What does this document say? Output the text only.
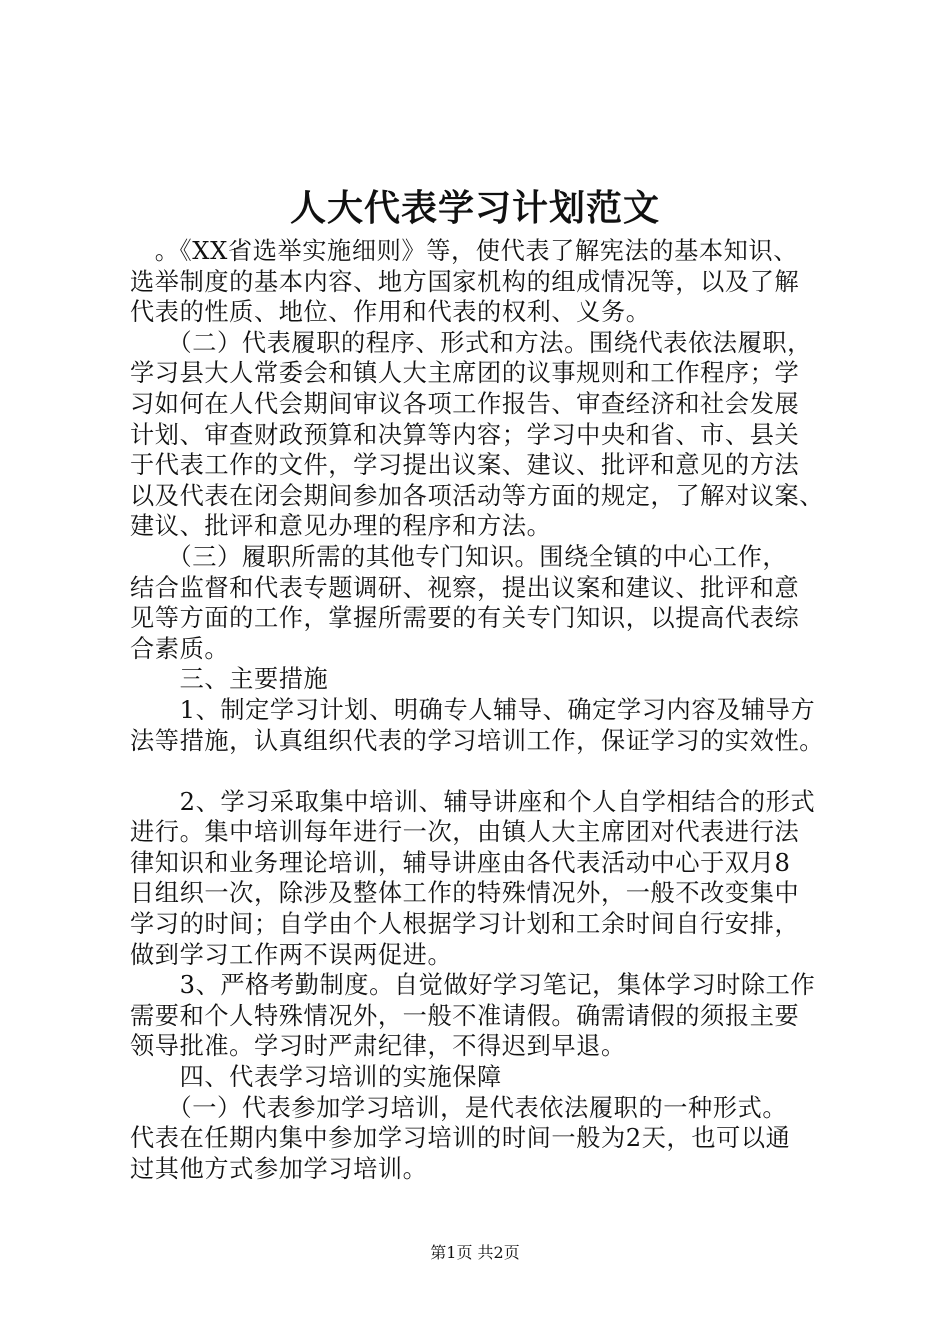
人大代表学习计划范文

　。《XX省选举实施细则》等，使代表了解宪法的基本知识、

选举制度的基本内容、地方国家机构的组成情况等，以及了解

代表的性质、地位、作用和代表的权利、义务。

　　（二）代表履职的程序、形式和方法。围绕代表依法履职，

学习县大人常委会和镇人大主席团的议事规则和工作程序；学

习如何在人代会期间审议各项工作报告、审查经济和社会发展

计划、审查财政预算和决算等内容；学习中央和省、市、县关

于代表工作的文件，学习提出议案、建议、批评和意见的方法

以及代表在闭会期间参加各项活动等方面的规定，了解对议案、

建议、批评和意见办理的程序和方法。

　　（三）履职所需的其他专门知识。围绕全镇的中心工作，

结合监督和代表专题调研、视察，提出议案和建议、批评和意

见等方面的工作，掌握所需要的有关专门知识，以提高代表综

合素质。

　　三、主要措施

　　1、制定学习计划、明确专人辅导、确定学习内容及辅导方

法等措施，认真组织代表的学习培训工作，保证学习的实效性。

　　2、学习采取集中培训、辅导讲座和个人自学相结合的形式

进行。集中培训每年进行一次，由镇人大主席团对代表进行法

律知识和业务理论培训，辅导讲座由各代表活动中心于双月8

日组织一次，除涉及整体工作的特殊情况外，一般不改变集中

学习的时间；自学由个人根据学习计划和工余时间自行安排，

做到学习工作两不误两促进。

　　3、严格考勤制度。自觉做好学习笔记，集体学习时除工作

需要和个人特殊情况外，一般不准请假。确需请假的须报主要

领导批准。学习时严肃纪律，不得迟到早退。

　　四、代表学习培训的实施保障

　　（一）代表参加学习培训，是代表依法履职的一种形式。

代表在任期内集中参加学习培训的时间一般为2天，也可以通

过其他方式参加学习培训。

第1页 共2页
